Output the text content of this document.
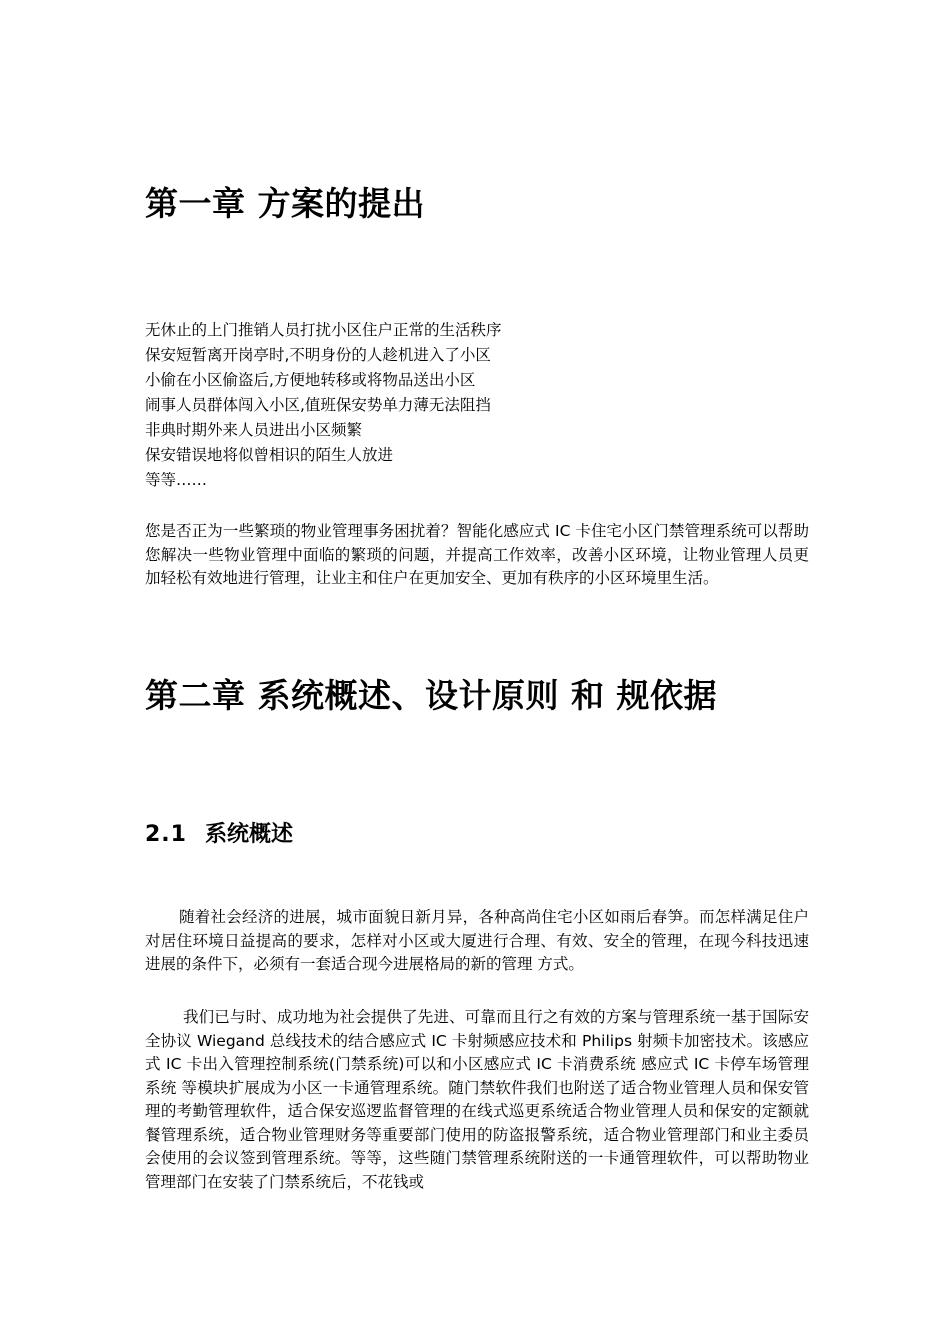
第一章 方案的提出
无休止的上门推销人员打扰小区住户正常的生活秩序
保安短暂离开岗亭时,不明身份的人趁机进入了小区
小偷在小区偷盗后,方便地转移或将物品送出小区
闹事人员群体闯入小区,值班保安势单力薄无法阻挡
非典时期外来人员进出小区频繁
保安错误地将似曾相识的陌生人放进
等等……

您是否正为一些繁琐的物业管理事务困扰着？智能化感应式 IC 卡住宅小区门禁管理系统可以帮助您解决一些物业管理中面临的繁琐的问题，并提高工作效率，改善小区环境，让物业管理人员更加轻松有效地进行管理，让业主和住户在更加安全、更加有秩序的小区环境里生活。

第二章 系统概述、设计原则 和 规依据
2.1 系统概述

随着社会经济的进展，城市面貌日新月异，各种高尚住宅小区如雨后春笋。而怎样满足住户对居住环境日益提高的要求，怎样对小区或大厦进行合理、有效、安全的管理，在现今科技迅速进展的条件下，必须有一套适合现今进展格局的新的管理 方式。

我们已与时、成功地为社会提供了先进、可靠而且行之有效的方案与管理系统一基于国际安全协议 Wiegand 总线技术的结合感应式 IC 卡射频感应技术和 Philips 射频卡加密技术。该感应式 IC 卡出入管理控制系统(门禁系统)可以和小区感应式 IC 卡消费系统 感应式 IC 卡停车场管理系统 等模块扩展成为小区一卡通管理系统。随门禁软件我们也附送了适合物业管理人员和保安管理的考勤管理软件，适合保安巡逻监督管理的在线式巡更系统适合物业管理人员和保安的定额就餐管理系统，适合物业管理财务等重要部门使用的防盗报警系统，适合物业管理部门和业主委员会使用的会议签到管理系统。等等，这些随门禁管理系统附送的一卡通管理软件，可以帮助物业管理部门在安装了门禁系统后，不花钱或
